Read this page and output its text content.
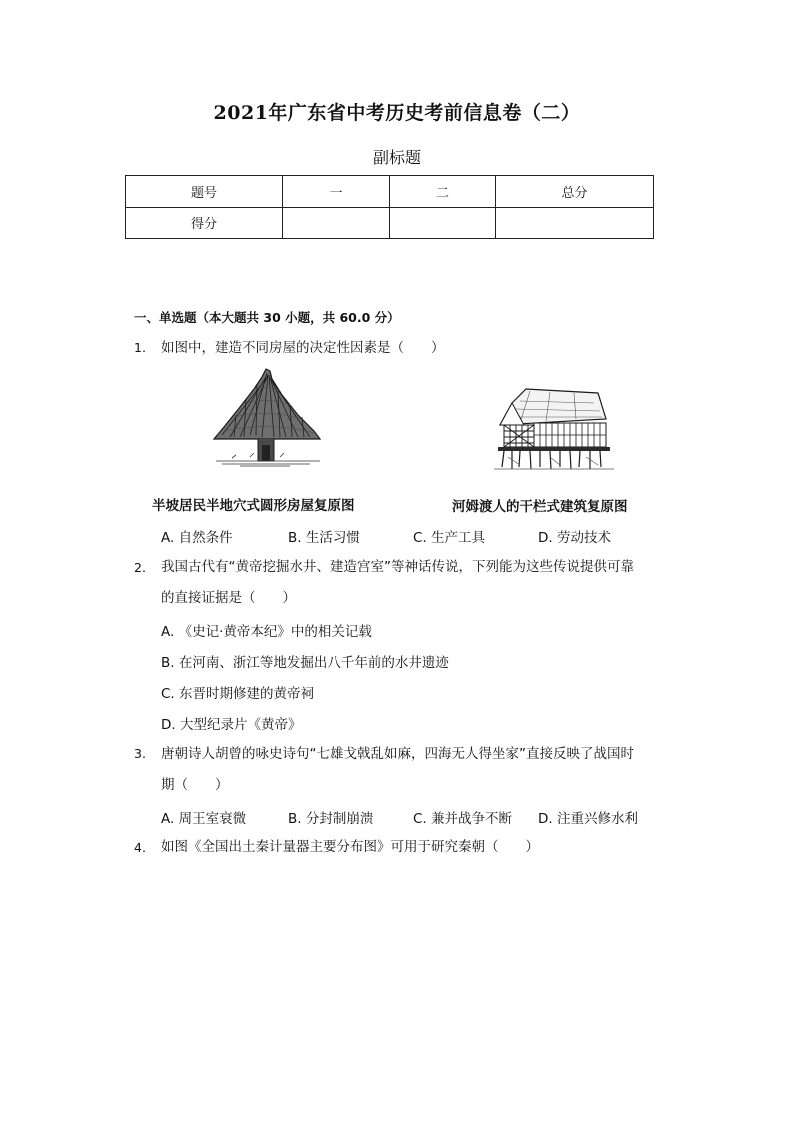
2021年广东省中考历史考前信息卷（二）
副标题
题号	一	二	总分
得分			
一、单选题（本大题共 30 小题，共 60.0 分）
1. 如图中，建造不同房屋的决定性因素是（　　）
半坡居民半地穴式圆形房屋复原图	河姆渡人的干栏式建筑复原图
A. 自然条件	B. 生活习惯	C. 生产工具	D. 劳动技术
2. 我国古代有“黄帝挖掘水井、建造宫室”等神话传说，下列能为这些传说提供可靠
的直接证据是（　　）
A. 《史记·黄帝本纪》中的相关记载
B. 在河南、浙江等地发掘出八千年前的水井遗迹
C. 东晋时期修建的黄帝祠
D. 大型纪录片《黄帝》
3. 唐朝诗人胡曾的咏史诗句“七雄戈戟乱如麻，四海无人得坐家”直接反映了战国时
期（　　）
A. 周王室衰微	B. 分封制崩溃	C. 兼并战争不断 D. 注重兴修水利
4. 如图《全国出土秦计量器主要分布图》可用于研究秦朝（　　）
